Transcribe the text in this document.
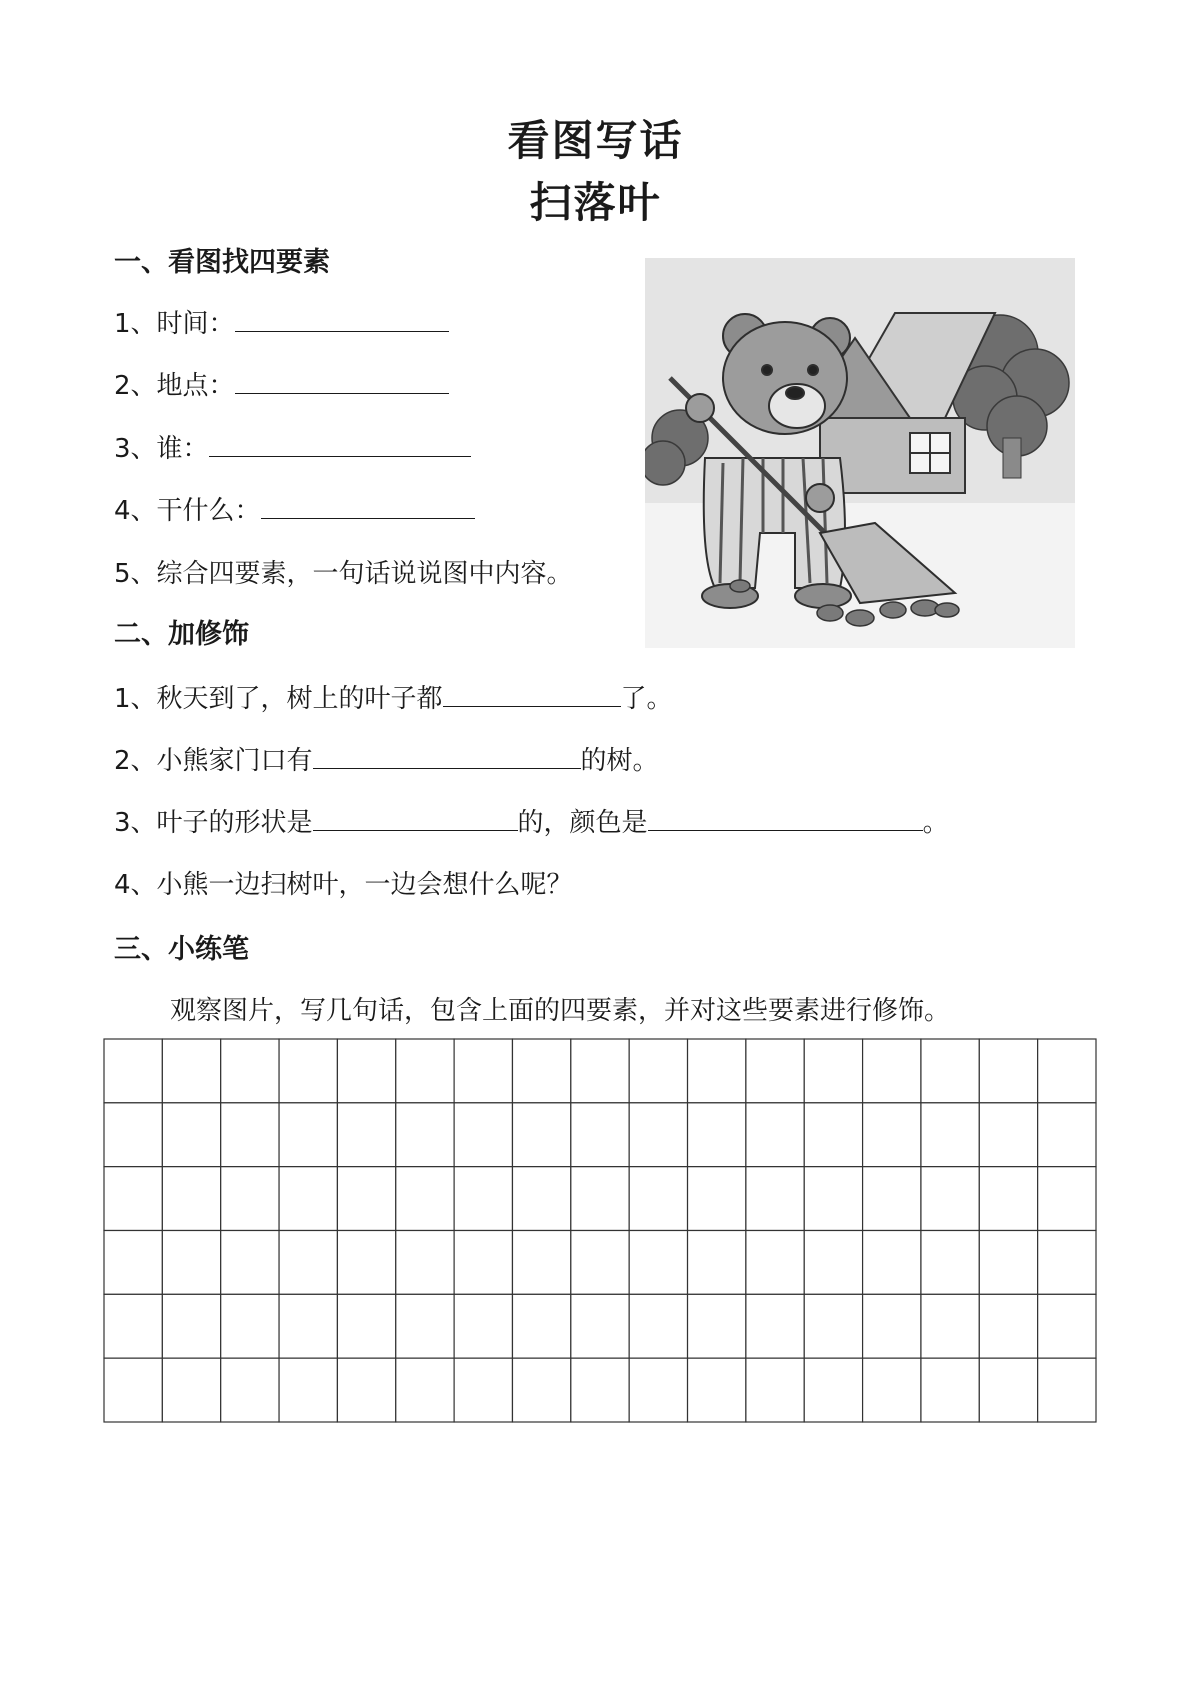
看图写话
扫落叶
一、看图找四要素
1、时间：
2、地点：
3、谁：
4、干什么：
5、综合四要素，一句话说说图中内容。
二、加修饰
1、秋天到了，树上的叶子都	了。
2、小熊家门口有	的树。
3、叶子的形状是	的，颜色是	。
4、小熊一边扫树叶，一边会想什么呢？
三、小练笔
观察图片，写几句话，包含上面的四要素，并对这些要素进行修饰。
